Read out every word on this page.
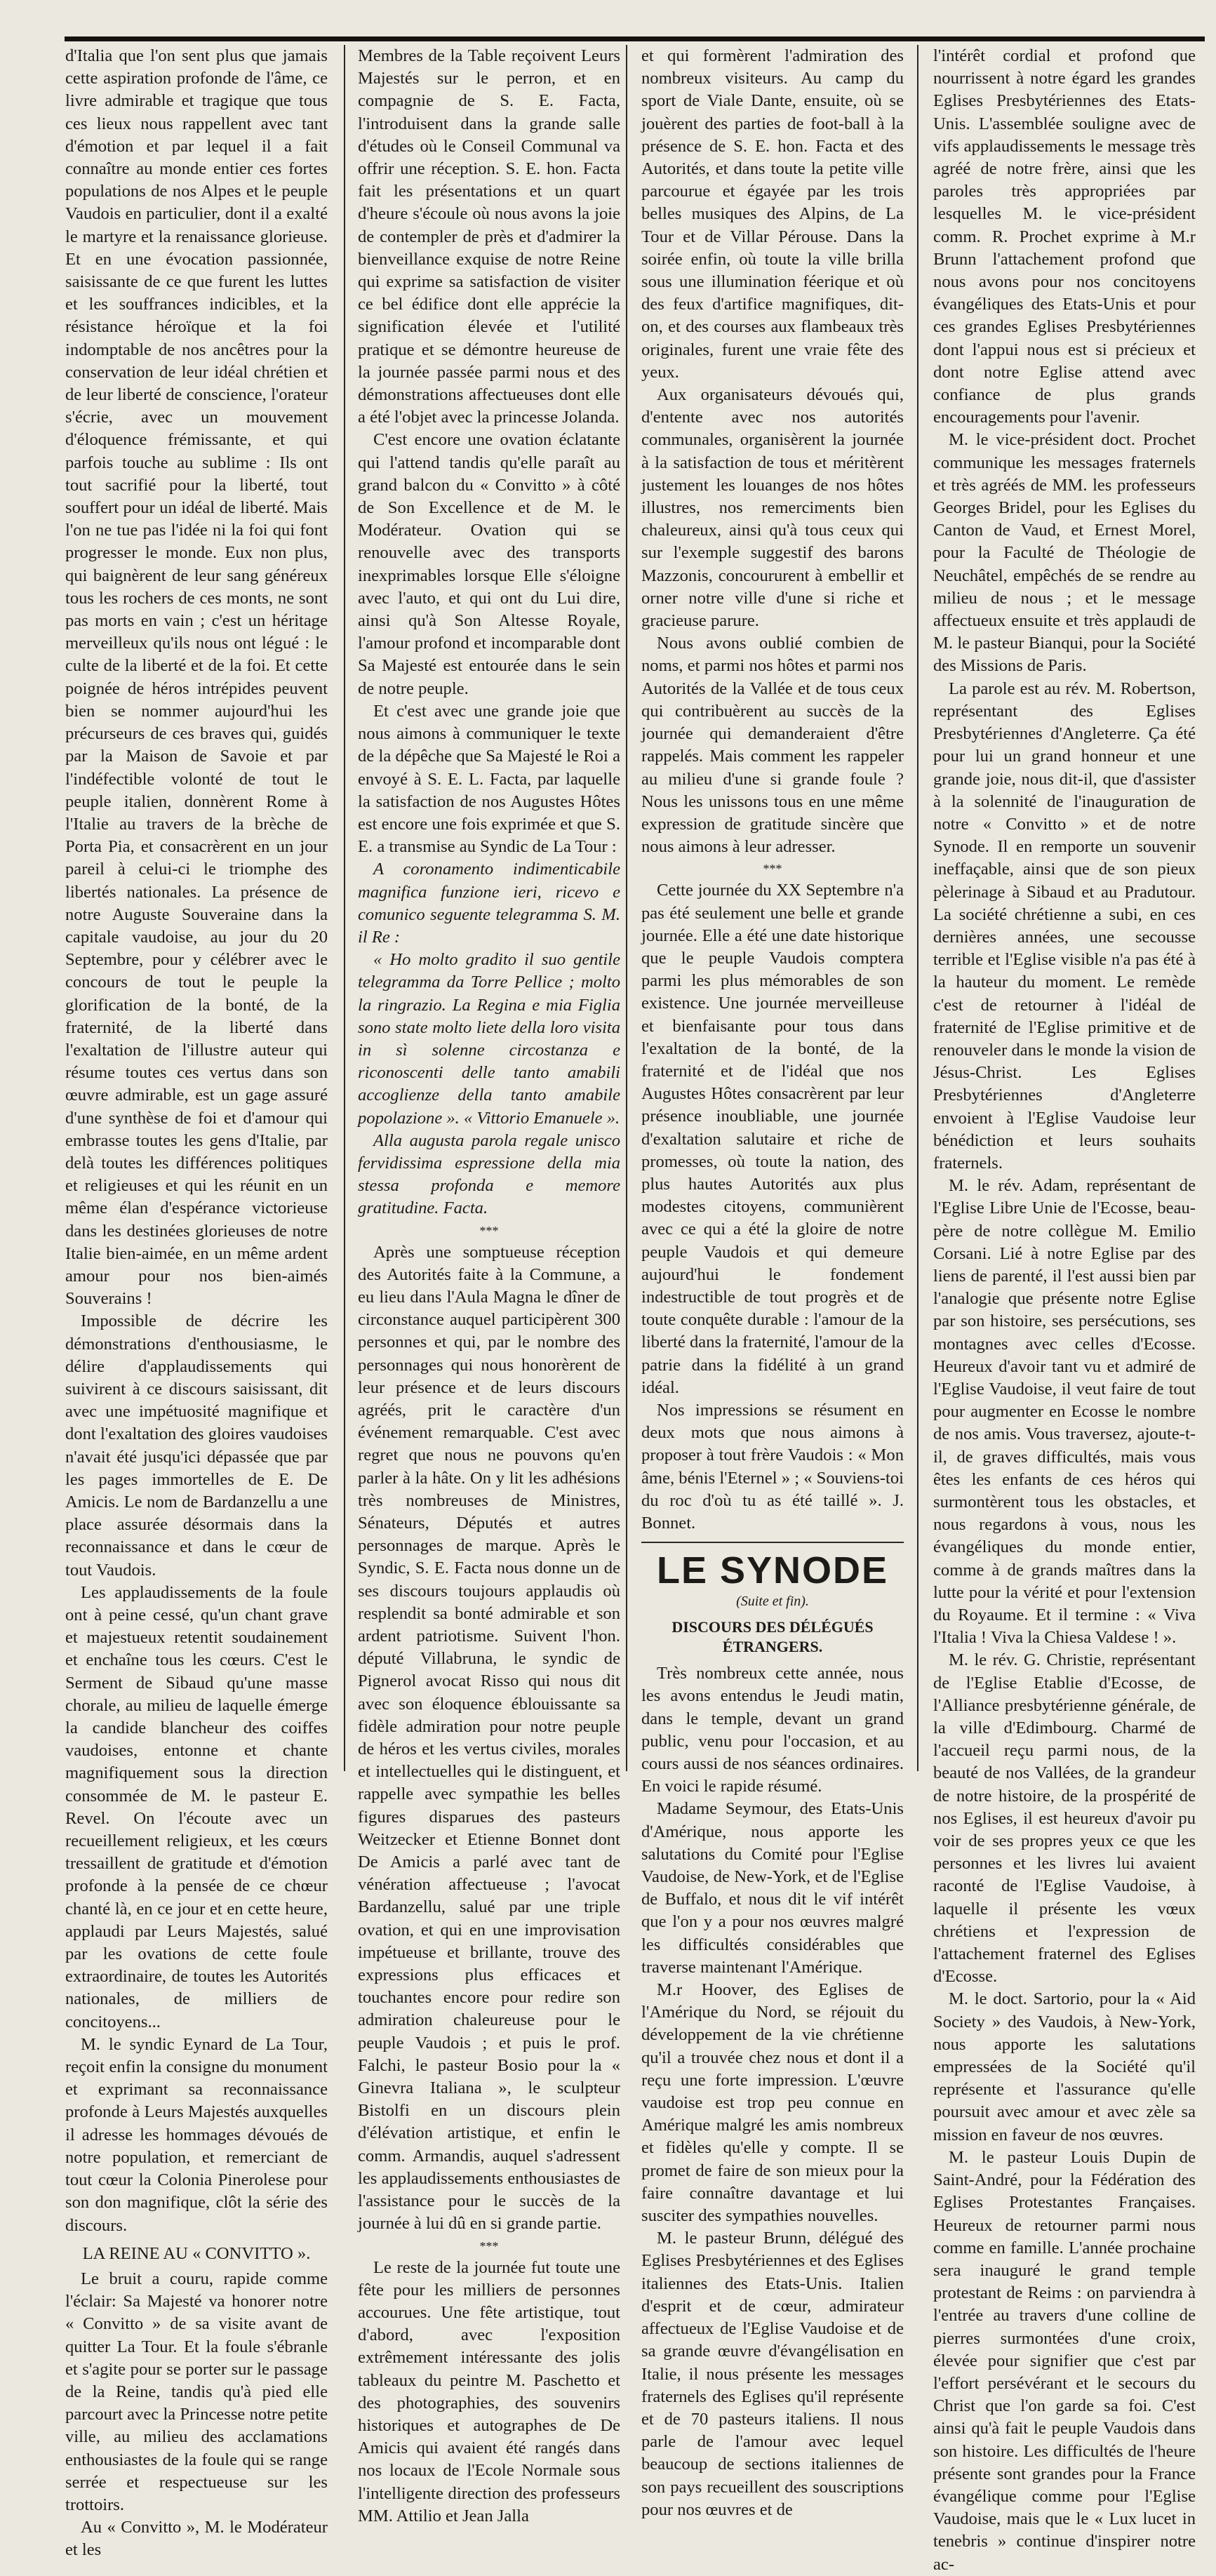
d'Italia que l'on sent plus que jamais cette aspiration profonde de l'âme, ce livre admirable et tragique que tous ces lieux nous rappellent avec tant d'émotion et par lequel il a fait connaître au monde entier ces fortes populations de nos Alpes et le peuple Vaudois en particulier, dont il a exalté le martyre et la renaissance glorieuse. Et en une évocation passionnée, saisissante de ce que furent les luttes et les souffrances indicibles, et la résistance héroïque et la foi indomptable de nos ancêtres pour la conservation de leur idéal chrétien et de leur liberté de conscience, l'orateur s'écrie, avec un mouvement d'éloquence frémissante, et qui parfois touche au sublime : Ils ont tout sacrifié pour la liberté, tout souffert pour un idéal de liberté. Mais l'on ne tue pas l'idée ni la foi qui font progresser le monde. Eux non plus, qui baignèrent de leur sang généreux tous les rochers de ces monts, ne sont pas morts en vain ; c'est un héritage merveilleux qu'ils nous ont légué : le culte de la liberté et de la foi. Et cette poignée de héros intrépides peuvent bien se nommer aujourd'hui les précurseurs de ces braves qui, guidés par la Maison de Savoie et par l'indéfectible volonté de tout le peuple italien, donnèrent Rome à l'Italie au travers de la brèche de Porta Pia, et consacrèrent en un jour pareil à celui-ci le triomphe des libertés nationales. La présence de notre Auguste Souveraine dans la capitale vaudoise, au jour du 20 Septembre, pour y célébrer avec le concours de tout le peuple la glorification de la bonté, de la fraternité, de la liberté dans l'exaltation de l'illustre auteur qui résume toutes ces vertus dans son œuvre admirable, est un gage assuré d'une synthèse de foi et d'amour qui embrasse toutes les gens d'Italie, par delà toutes les différences politiques et religieuses et qui les réunit en un même élan d'espérance victorieuse dans les destinées glorieuses de notre Italie bien-aimée, en un même ardent amour pour nos bien-aimés Souverains !

Impossible de décrire les démonstrations d'enthousiasme, le délire d'applaudissements qui suivirent à ce discours saisissant, dit avec une impétuosité magnifique et dont l'exaltation des gloires vaudoises n'avait été jusqu'ici dépassée que par les pages immortelles de E. De Amicis. Le nom de Bardanzellu a une place assurée désormais dans la reconnaissance et dans le cœur de tout Vaudois.

Les applaudissements de la foule ont à peine cessé, qu'un chant grave et majestueux retentit soudainement et enchaîne tous les cœurs. C'est le Serment de Sibaud qu'une masse chorale, au milieu de laquelle émerge la candide blancheur des coiffes vaudoises, entonne et chante magnifiquement sous la direction consommée de M. le pasteur E. Revel. On l'écoute avec un recueillement religieux, et les cœurs tressaillent de gratitude et d'émotion profonde à la pensée de ce chœur chanté là, en ce jour et en cette heure, applaudi par Leurs Majestés, salué par les ovations de cette foule extraordinaire, de toutes les Autorités nationales, de milliers de concitoyens...

M. le syndic Eynard de La Tour, reçoit enfin la consigne du monument et exprimant sa reconnaissance profonde à Leurs Majestés auxquelles il adresse les hommages dévoués de notre population, et remerciant de tout cœur la Colonia Pinerolese pour son don magnifique, clôt la série des discours.

LA REINE AU « CONVITTO ».

Le bruit a couru, rapide comme l'éclair: Sa Majesté va honorer notre « Convitto » de sa visite avant de quitter La Tour. Et la foule s'ébranle et s'agite pour se porter sur le passage de la Reine, tandis qu'à pied elle parcourt avec la Princesse notre petite ville, au milieu des acclamations enthousiastes de la foule qui se range serrée et respectueuse sur les trottoirs.

Au « Convitto », M. le Modérateur et les

Membres de la Table reçoivent Leurs Majestés sur le perron, et en compagnie de S. E. Facta, l'introduisent dans la grande salle d'études où le Conseil Communal va offrir une réception. S. E. hon. Facta fait les présentations et un quart d'heure s'écoule où nous avons la joie de contempler de près et d'admirer la bienveillance exquise de notre Reine qui exprime sa satisfaction de visiter ce bel édifice dont elle apprécie la signification élevée et l'utilité pratique et se démontre heureuse de la journée passée parmi nous et des démonstrations affectueuses dont elle a été l'objet avec la princesse Jolanda.

C'est encore une ovation éclatante qui l'attend tandis qu'elle paraît au grand balcon du « Convitto » à côté de Son Excellence et de M. le Modérateur. Ovation qui se renouvelle avec des transports inexprimables lorsque Elle s'éloigne avec l'auto, et qui ont du Lui dire, ainsi qu'à Son Altesse Royale, l'amour profond et incomparable dont Sa Majesté est entourée dans le sein de notre peuple.

Et c'est avec une grande joie que nous aimons à communiquer le texte de la dépêche que Sa Majesté le Roi a envoyé à S. E. L. Facta, par laquelle la satisfaction de nos Augustes Hôtes est encore une fois exprimée et que S. E. a transmise au Syndic de La Tour :

A coronamento indimenticabile magnifica funzione ieri, ricevo e comunico seguente telegramma S. M. il Re :

« Ho molto gradito il suo gentile telegramma da Torre Pellice ; molto la ringrazio. La Regina e mia Figlia sono state molto liete della loro visita in sì solenne circostanza e riconoscenti delle tanto amabili accoglienze della tanto amabile popolazione ». « Vittorio Emanuele ».

Alla augusta parola regale unisco fervidissima espressione della mia stessa profonda e memore gratitudine. Facta.

***

Après une somptueuse réception des Autorités faite à la Commune, a eu lieu dans l'Aula Magna le dîner de circonstance auquel participèrent 300 personnes et qui, par le nombre des personnages qui nous honorèrent de leur présence et de leurs discours agréés, prit le caractère d'un événement remarquable. C'est avec regret que nous ne pouvons qu'en parler à la hâte. On y lit les adhésions très nombreuses de Ministres, Sénateurs, Députés et autres personnages de marque. Après le Syndic, S. E. Facta nous donne un de ses discours toujours applaudis où resplendit sa bonté admirable et son ardent patriotisme. Suivent l'hon. député Villabruna, le syndic de Pignerol avocat Risso qui nous dit avec son éloquence éblouissante sa fidèle admiration pour notre peuple de héros et les vertus civiles, morales et intellectuelles qui le distinguent, et rappelle avec sympathie les belles figures disparues des pasteurs Weitzecker et Etienne Bonnet dont De Amicis a parlé avec tant de vénération affectueuse ; l'avocat Bardanzellu, salué par une triple ovation, et qui en une improvisation impétueuse et brillante, trouve des expressions plus efficaces et touchantes encore pour redire son admiration chaleureuse pour le peuple Vaudois ; et puis le prof. Falchi, le pasteur Bosio pour la « Ginevra Italiana », le sculpteur Bistolfi en un discours plein d'élévation artistique, et enfin le comm. Armandis, auquel s'adressent les applaudissements enthousiastes de l'assistance pour le succès de la journée à lui dû en si grande partie.

***

Le reste de la journée fut toute une fête pour les milliers de personnes accourues. Une fête artistique, tout d'abord, avec l'exposition extrêmement intéressante des jolis tableaux du peintre M. Paschetto et des photographies, des souvenirs historiques et autographes de De Amicis qui avaient été rangés dans nos locaux de l'Ecole Normale sous l'intelligente direction des professeurs MM. Attilio et Jean Jalla

et qui formèrent l'admiration des nombreux visiteurs. Au camp du sport de Viale Dante, ensuite, où se jouèrent des parties de foot-ball à la présence de S. E. hon. Facta et des Autorités, et dans toute la petite ville parcourue et égayée par les trois belles musiques des Alpins, de La Tour et de Villar Pérouse. Dans la soirée enfin, où toute la ville brilla sous une illumination féerique et où des feux d'artifice magnifiques, dit-on, et des courses aux flambeaux très originales, furent une vraie fête des yeux.

Aux organisateurs dévoués qui, d'entente avec nos autorités communales, organisèrent la journée à la satisfaction de tous et méritèrent justement les louanges de nos hôtes illustres, nos remerciments bien chaleureux, ainsi qu'à tous ceux qui sur l'exemple suggestif des barons Mazzonis, concoururent à embellir et orner notre ville d'une si riche et gracieuse parure.

Nous avons oublié combien de noms, et parmi nos hôtes et parmi nos Autorités de la Vallée et de tous ceux qui contribuèrent au succès de la journée qui demanderaient d'être rappelés. Mais comment les rappeler au milieu d'une si grande foule ? Nous les unissons tous en une même expression de gratitude sincère que nous aimons à leur adresser.

***

Cette journée du XX Septembre n'a pas été seulement une belle et grande journée. Elle a été une date historique que le peuple Vaudois comptera parmi les plus mémorables de son existence. Une journée merveilleuse et bienfaisante pour tous dans l'exaltation de la bonté, de la fraternité et de l'idéal que nos Augustes Hôtes consacrèrent par leur présence inoubliable, une journée d'exaltation salutaire et riche de promesses, où toute la nation, des plus hautes Autorités aux plus modestes citoyens, communièrent avec ce qui a été la gloire de notre peuple Vaudois et qui demeure aujourd'hui le fondement indestructible de tout progrès et de toute conquête durable : l'amour de la liberté dans la fraternité, l'amour de la patrie dans la fidélité à un grand idéal.

Nos impressions se résument en deux mots que nous aimons à proposer à tout frère Vaudois : « Mon âme, bénis l'Eternel » ; « Souviens-toi du roc d'où tu as été taillé ». J. Bonnet.

LE SYNODE
(Suite et fin).
DISCOURS DES DÉLÉGUÉS ÉTRANGERS.

Très nombreux cette année, nous les avons entendus le Jeudi matin, dans le temple, devant un grand public, venu pour l'occasion, et au cours aussi de nos séances ordinaires. En voici le rapide résumé.

Madame Seymour, des Etats-Unis d'Amérique, nous apporte les salutations du Comité pour l'Eglise Vaudoise, de New-York, et de l'Eglise de Buffalo, et nous dit le vif intérêt que l'on y a pour nos œuvres malgré les difficultés considérables que traverse maintenant l'Amérique.

M.r Hoover, des Eglises de l'Amérique du Nord, se réjouit du développement de la vie chrétienne qu'il a trouvée chez nous et dont il a reçu une forte impression. L'œuvre vaudoise est trop peu connue en Amérique malgré les amis nombreux et fidèles qu'elle y compte. Il se promet de faire de son mieux pour la faire connaître davantage et lui susciter des sympathies nouvelles.

M. le pasteur Brunn, délégué des Eglises Presbytériennes et des Eglises italiennes des Etats-Unis. Italien d'esprit et de cœur, admirateur affectueux de l'Eglise Vaudoise et de sa grande œuvre d'évangélisation en Italie, il nous présente les messages fraternels des Eglises qu'il représente et de 70 pasteurs italiens. Il nous parle de l'amour avec lequel beaucoup de sections italiennes de son pays recueillent des souscriptions pour nos œuvres et de

l'intérêt cordial et profond que nourrissent à notre égard les grandes Eglises Presbytériennes des Etats-Unis. L'assemblée souligne avec de vifs applaudissements le message très agréé de notre frère, ainsi que les paroles très appropriées par lesquelles M. le vice-président comm. R. Prochet exprime à M.r Brunn l'attachement profond que nous avons pour nos concitoyens évangéliques des Etats-Unis et pour ces grandes Eglises Presbytériennes dont l'appui nous est si précieux et dont notre Eglise attend avec confiance de plus grands encouragements pour l'avenir.

M. le vice-président doct. Prochet communique les messages fraternels et très agréés de MM. les professeurs Georges Bridel, pour les Eglises du Canton de Vaud, et Ernest Morel, pour la Faculté de Théologie de Neuchâtel, empêchés de se rendre au milieu de nous ; et le message affectueux ensuite et très applaudi de M. le pasteur Bianqui, pour la Société des Missions de Paris.

La parole est au rév. M. Robertson, représentant des Eglises Presbytériennes d'Angleterre. Ça été pour lui un grand honneur et une grande joie, nous dit-il, que d'assister à la solennité de l'inauguration de notre « Convitto » et de notre Synode. Il en remporte un souvenir ineffaçable, ainsi que de son pieux pèlerinage à Sibaud et au Pradutour. La société chrétienne a subi, en ces dernières années, une secousse terrible et l'Eglise visible n'a pas été à la hauteur du moment. Le remède c'est de retourner à l'idéal de fraternité de l'Eglise primitive et de renouveler dans le monde la vision de Jésus-Christ. Les Eglises Presbytériennes d'Angleterre envoient à l'Eglise Vaudoise leur bénédiction et leurs souhaits fraternels.

M. le rév. Adam, représentant de l'Eglise Libre Unie de l'Ecosse, beau-père de notre collègue M. Emilio Corsani. Lié à notre Eglise par des liens de parenté, il l'est aussi bien par l'analogie que présente notre Eglise par son histoire, ses persécutions, ses montagnes avec celles d'Ecosse. Heureux d'avoir tant vu et admiré de l'Eglise Vaudoise, il veut faire de tout pour augmenter en Ecosse le nombre de nos amis. Vous traversez, ajoute-t-il, de graves difficultés, mais vous êtes les enfants de ces héros qui surmontèrent tous les obstacles, et nous regardons à vous, nous les évangéliques du monde entier, comme à de grands maîtres dans la lutte pour la vérité et pour l'extension du Royaume. Et il termine : « Viva l'Italia ! Viva la Chiesa Valdese ! ».

M. le rév. G. Christie, représentant de l'Eglise Etablie d'Ecosse, de l'Alliance presbytérienne générale, de la ville d'Edimbourg. Charmé de l'accueil reçu parmi nous, de la beauté de nos Vallées, de la grandeur de notre histoire, de la prospérité de nos Eglises, il est heureux d'avoir pu voir de ses propres yeux ce que les personnes et les livres lui avaient raconté de l'Eglise Vaudoise, à laquelle il présente les vœux chrétiens et l'expression de l'attachement fraternel des Eglises d'Ecosse.

M. le doct. Sartorio, pour la « Aid Society » des Vaudois, à New-York, nous apporte les salutations empressées de la Société qu'il représente et l'assurance qu'elle poursuit avec amour et avec zèle sa mission en faveur de nos œuvres.

M. le pasteur Louis Dupin de Saint-André, pour la Fédération des Eglises Protestantes Françaises. Heureux de retourner parmi nous comme en famille. L'année prochaine sera inauguré le grand temple protestant de Reims : on parviendra à l'entrée au travers d'une colline de pierres surmontées d'une croix, élevée pour signifier que c'est par l'effort persévérant et le secours du Christ que l'on garde sa foi. C'est ainsi qu'à fait le peuple Vaudois dans son histoire. Les difficultés de l'heure présente sont grandes pour la France évangélique comme pour l'Eglise Vaudoise, mais que le « Lux lucet in tenebris » continue d'inspirer notre ac-
